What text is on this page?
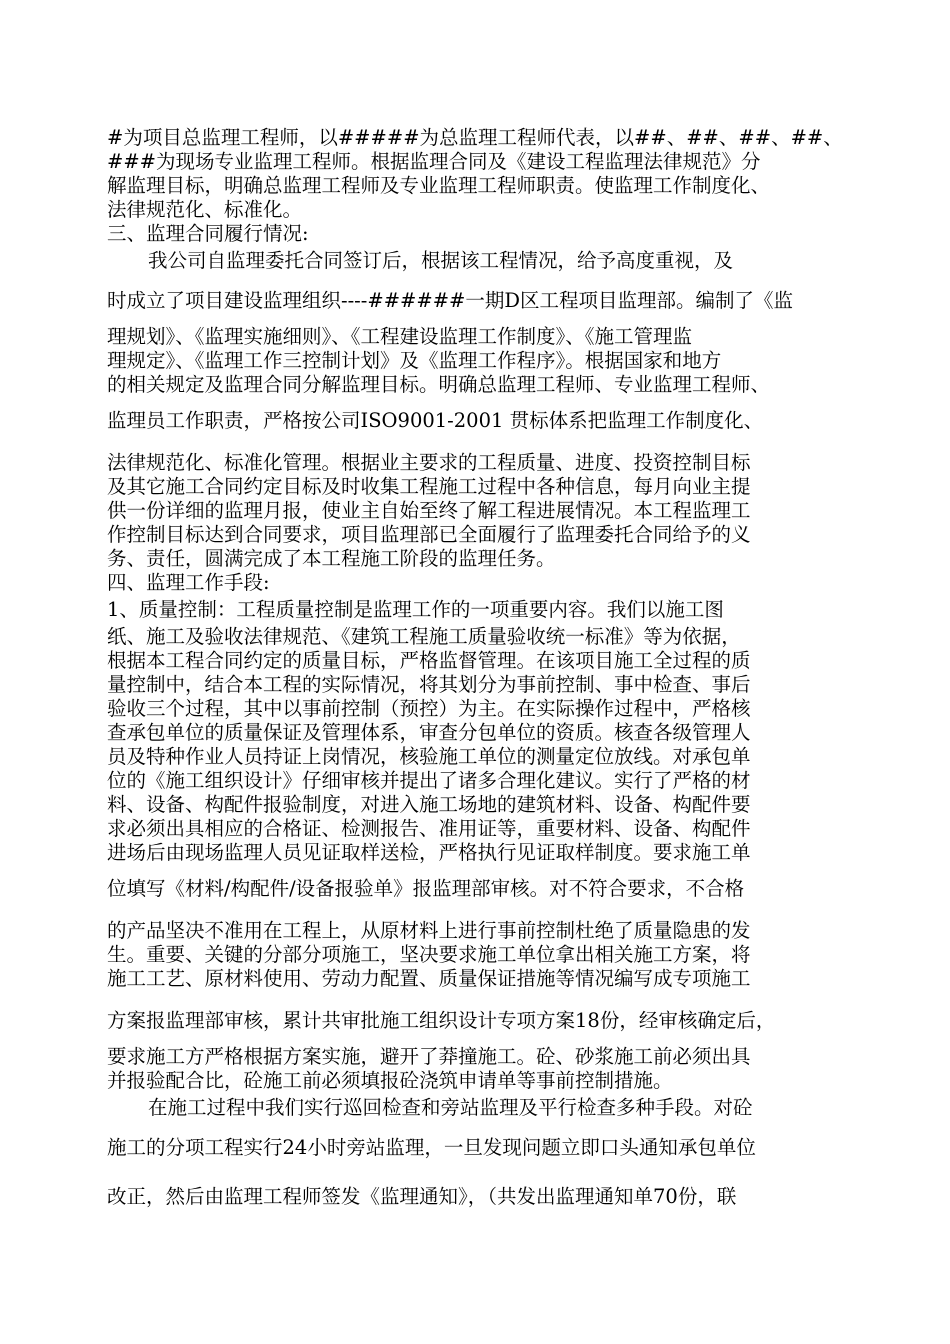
#为项目总监理工程师，以#####为总监理工程师代表，以##、##、##、##、

###为现场专业监理工程师。根据监理合同及《建设工程监理法律规范》分

解监理目标，明确总监理工程师及专业监理工程师职责。使监理工作制度化、

法律规范化、标准化。

三、监理合同履行情况:

我公司自监理委托合同签订后，根据该工程情况，给予高度重视，及

时成立了项目建设监理组织----######一期D区工程项目监理部。编制了《监

理规划》、《监理实施细则》、《工程建设监理工作制度》、《施工管理监

理规定》、《监理工作三控制计划》及《监理工作程序》。根据国家和地方

的相关规定及监理合同分解监理目标。明确总监理工程师、专业监理工程师、

监理员工作职责，严格按公司ISO9001-2001 贯标体系把监理工作制度化、

法律规范化、标准化管理。根据业主要求的工程质量、进度、投资控制目标

及其它施工合同约定目标及时收集工程施工过程中各种信息，每月向业主提

供一份详细的监理月报，使业主自始至终了解工程进展情况。本工程监理工

作控制目标达到合同要求，项目监理部已全面履行了监理委托合同给予的义

务、责任，圆满完成了本工程施工阶段的监理任务。

四、监理工作手段:

1、质量控制：工程质量控制是监理工作的一项重要内容。我们以施工图

纸、施工及验收法律规范、《建筑工程施工质量验收统一标准》等为依据，

根据本工程合同约定的质量目标，严格监督管理。在该项目施工全过程的质

量控制中，结合本工程的实际情况，将其划分为事前控制、事中检查、事后

验收三个过程，其中以事前控制（预控）为主。在实际操作过程中，严格核

查承包单位的质量保证及管理体系，审查分包单位的资质。核查各级管理人

员及特种作业人员持证上岗情况，核验施工单位的测量定位放线。对承包单

位的《施工组织设计》仔细审核并提出了诸多合理化建议。实行了严格的材

料、设备、构配件报验制度，对进入施工场地的建筑材料、设备、构配件要

求必须出具相应的合格证、检测报告、准用证等，重要材料、设备、构配件

进场后由现场监理人员见证取样送检，严格执行见证取样制度。要求施工单

位填写《材料/构配件/设备报验单》报监理部审核。对不符合要求，不合格

的产品坚决不准用在工程上，从原材料上进行事前控制杜绝了质量隐患的发

生。重要、关键的分部分项施工，坚决要求施工单位拿出相关施工方案，将

施工工艺、原材料使用、劳动力配置、质量保证措施等情况编写成专项施工

方案报监理部审核，累计共审批施工组织设计专项方案18份，经审核确定后，

要求施工方严格根据方案实施，避开了莽撞施工。砼、砂浆施工前必须出具

并报验配合比，砼施工前必须填报砼浇筑申请单等事前控制措施。

在施工过程中我们实行巡回检查和旁站监理及平行检查多种手段。对砼

施工的分项工程实行24小时旁站监理，一旦发现问题立即口头通知承包单位

改正，然后由监理工程师签发《监理通知》，（共发出监理通知单70份，联
